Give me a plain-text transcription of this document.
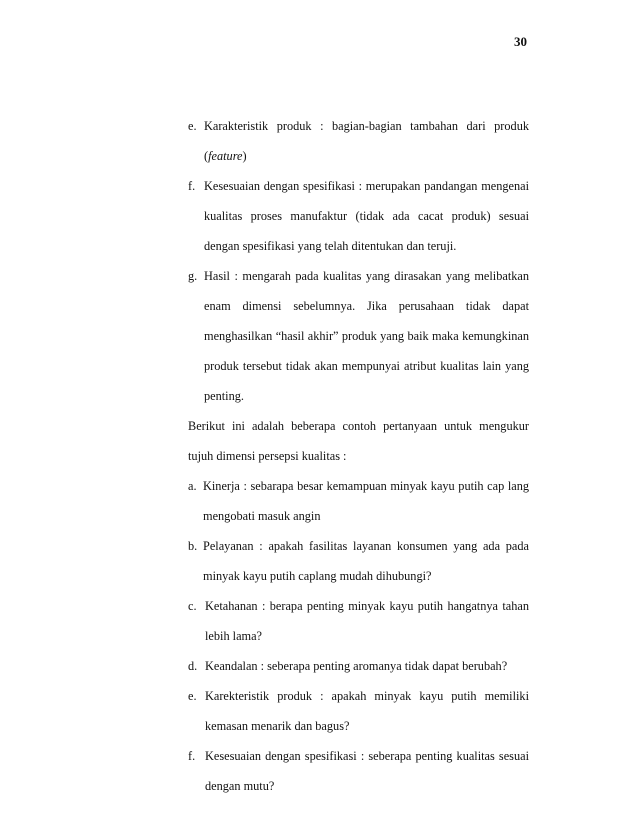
30

e. Karakteristik produk : bagian-bagian tambahan dari produk (feature)

f. Kesesuaian dengan spesifikasi : merupakan pandangan mengenai kualitas proses manufaktur (tidak ada cacat produk) sesuai dengan spesifikasi yang telah ditentukan dan teruji.

g. Hasil : mengarah pada kualitas yang dirasakan yang melibatkan enam dimensi sebelumnya. Jika perusahaan tidak dapat menghasilkan “hasil akhir” produk yang baik maka kemungkinan produk tersebut tidak akan mempunyai atribut kualitas lain yang penting.

Berikut ini adalah beberapa contoh pertanyaan untuk mengukur tujuh dimensi persepsi kualitas :

a. Kinerja : sebarapa besar kemampuan minyak kayu putih cap lang mengobati masuk angin

b. Pelayanan : apakah fasilitas layanan konsumen yang ada pada minyak kayu putih caplang mudah dihubungi?

c. Ketahanan : berapa penting minyak kayu putih hangatnya tahan lebih lama?

d. Keandalan : seberapa penting aromanya tidak dapat berubah?

e. Karekteristik produk : apakah minyak kayu putih memiliki kemasan menarik dan bagus?

f. Kesesuaian dengan spesifikasi : seberapa penting kualitas sesuai dengan mutu?
